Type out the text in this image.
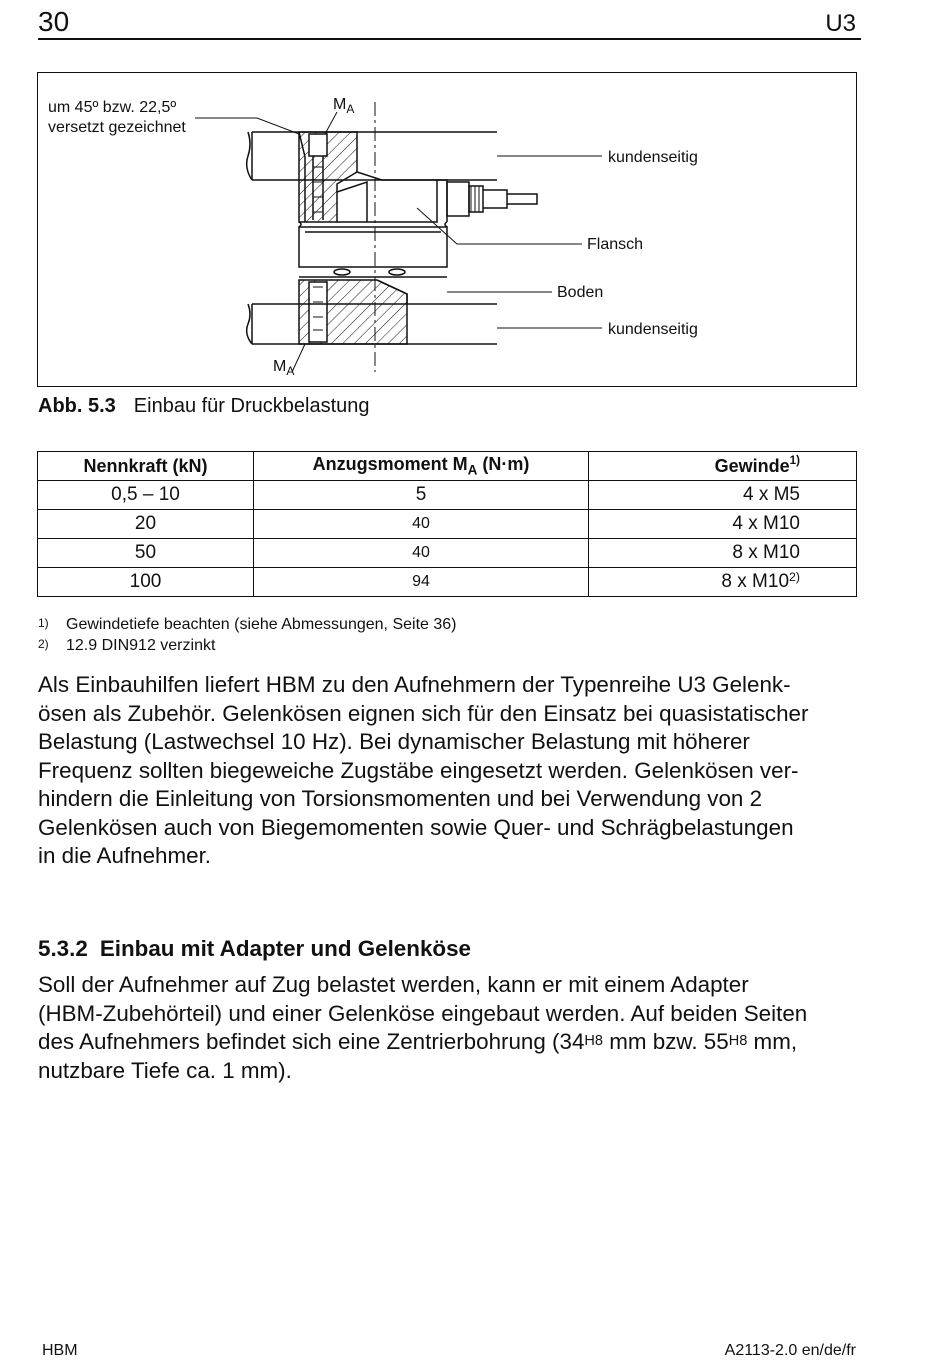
30	U3
um 45º bzw. 22,5º
versetzt gezeichnet
$M_A$
kundenseitig
Flansch
Boden
kundenseitig
$M_A$
Abb. 5.3 Einbau für Druckbelastung
Nennkraft (kN)	Anzugsmoment $M_A$ (N·m)	Gewinde$^{1)}$
0,5 – 10	5	4 x M5
20	40	4 x M10
50	40	8 x M10
100	94	8 x M10$^{2)}$
1) Gewindetiefe beachten (siehe Abmessungen, Seite 36)
2) 12.9 DIN912 verzinkt
Als Einbauhilfen liefert HBM zu den Aufnehmern der Typenreihe U3 Gelenk-
ösen als Zubehör. Gelenkösen eignen sich für den Einsatz bei quasistatischer
Belastung (Lastwechsel 10 Hz). Bei dynamischer Belastung mit höherer
Frequenz sollten biegeweiche Zugstäbe eingesetzt werden. Gelenkösen ver-
hindern die Einleitung von Torsionsmomenten und bei Verwendung von 2
Gelenkösen auch von Biegemomenten sowie Quer- und Schrägbelastungen
in die Aufnehmer.
5.3.2 Einbau mit Adapter und Gelenköse
Soll der Aufnehmer auf Zug belastet werden, kann er mit einem Adapter
(HBM-Zubehörteil) und einer Gelenköse eingebaut werden. Auf beiden Seiten
des Aufnehmers befindet sich eine Zentrierbohrung ($34^{H8}$ mm bzw. $55^{H8}$ mm,
nutzbare Tiefe ca. 1 mm).
HBM	A2113-2.0 en/de/fr
